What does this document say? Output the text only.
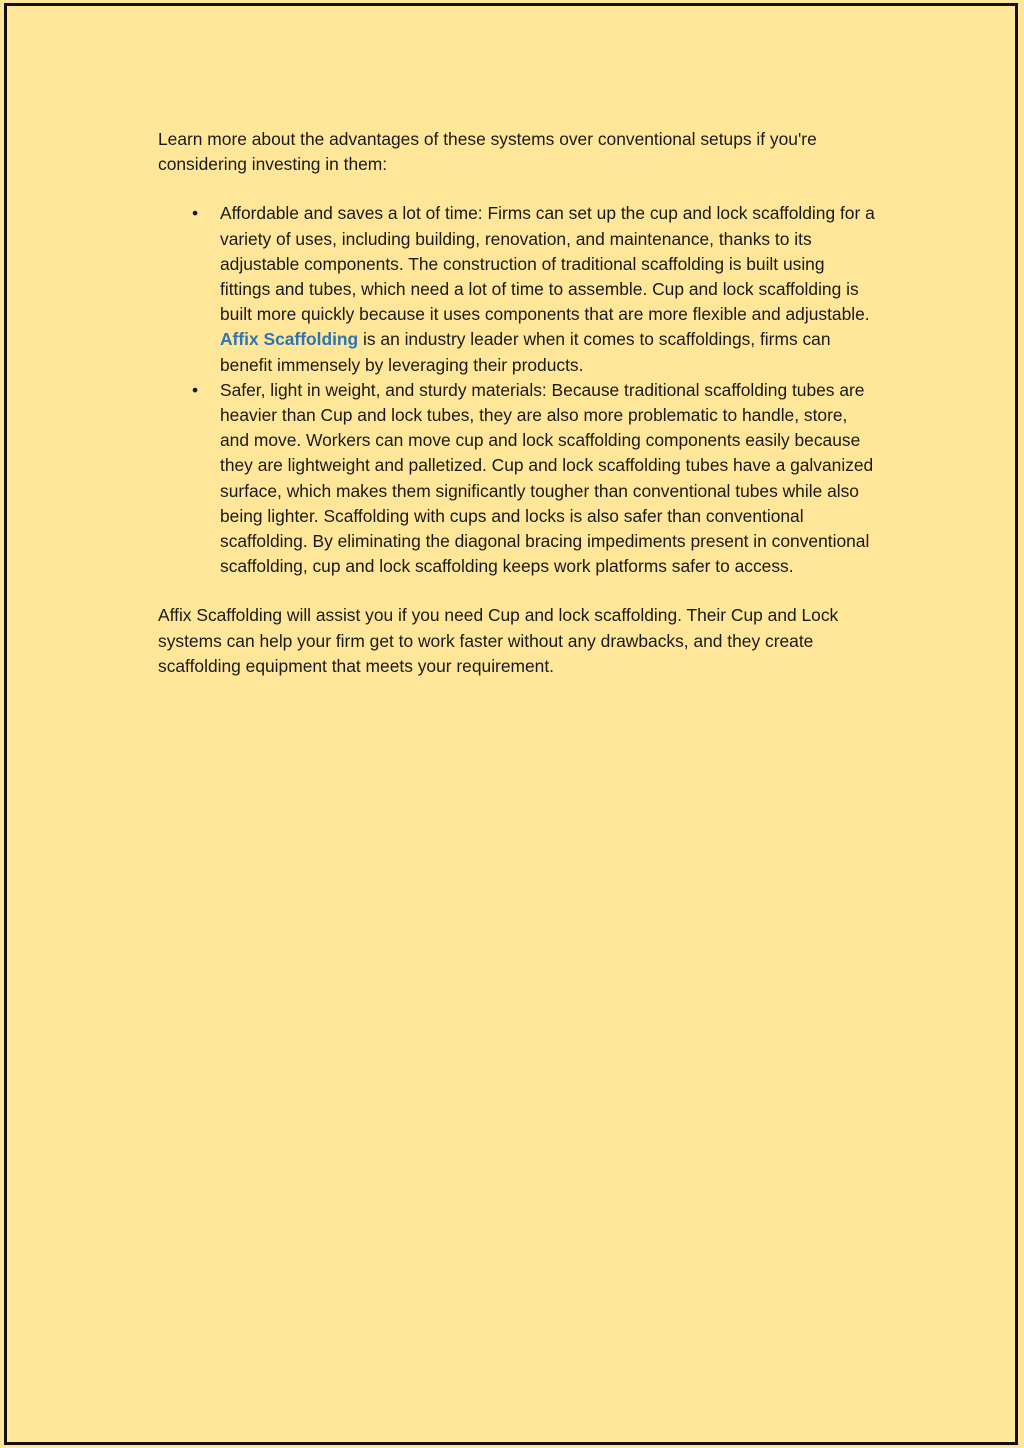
Learn more about the advantages of these systems over conventional setups if you're considering investing in them:

• Affordable and saves a lot of time: Firms can set up the cup and lock scaffolding for a variety of uses, including building, renovation, and maintenance, thanks to its adjustable components. The construction of traditional scaffolding is built using fittings and tubes, which need a lot of time to assemble. Cup and lock scaffolding is built more quickly because it uses components that are more flexible and adjustable. Affix Scaffolding is an industry leader when it comes to scaffoldings, firms can benefit immensely by leveraging their products.
• Safer, light in weight, and sturdy materials: Because traditional scaffolding tubes are heavier than Cup and lock tubes, they are also more problematic to handle, store, and move. Workers can move cup and lock scaffolding components easily because they are lightweight and palletized. Cup and lock scaffolding tubes have a galvanized surface, which makes them significantly tougher than conventional tubes while also being lighter. Scaffolding with cups and locks is also safer than conventional scaffolding. By eliminating the diagonal bracing impediments present in conventional scaffolding, cup and lock scaffolding keeps work platforms safer to access.

Affix Scaffolding will assist you if you need Cup and lock scaffolding. Their Cup and Lock systems can help your firm get to work faster without any drawbacks, and they create scaffolding equipment that meets your requirement.
